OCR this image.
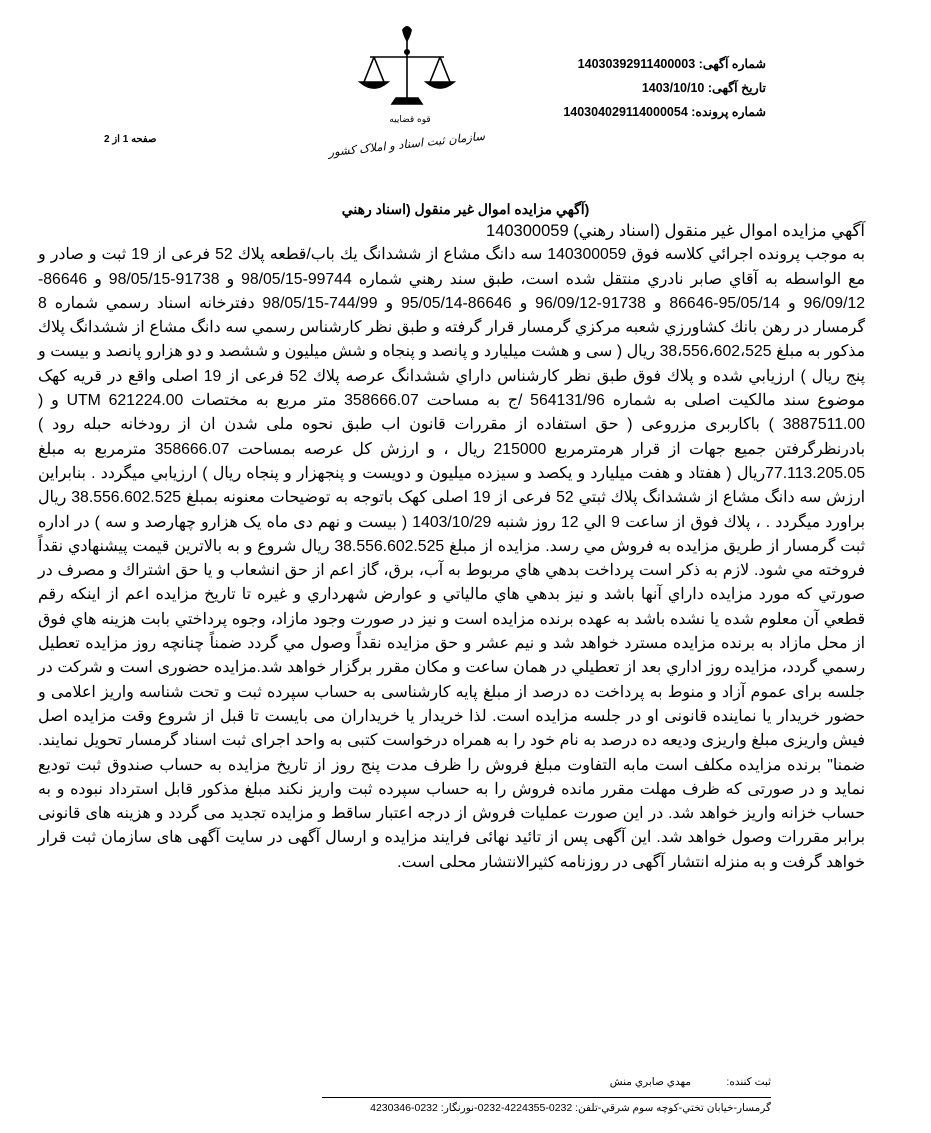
شماره آگهی: 14030392911400003
تاریخ آگهی: 1403/10/10
شماره پرونده: 140304029114000054
قوه قضاییه
سازمان ثبت اسناد و املاک کشور
صفحه 1 از 2
(آگهي مزايده اموال غير منقول (اسناد رهني
آگهي مزايده اموال غير منقول (اسناد رهني) 140300059
به موجب پرونده اجرائي كلاسه فوق 140300059 سه دانگ مشاع از ششدانگ يك باب/قطعه پلاك 52 فرعى از 19 ثبت و صادر و مع الواسطه به آقاي صابر نادري منتقل شده است، طبق سند رهني شماره 99744-98/05/15 و 91738-98/05/15 و 86646-96/09/12 و 95/05/14-86646 و 91738-96/09/12 و 86646-95/05/14 و 744/99-98/05/15 دفترخانه اسناد رسمي شماره 8 گرمسار در رهن بانك كشاورزي شعبه مركزي گرمسار قرار گرفته و طبق نظر كارشناس رسمي سه دانگ مشاع از ششدانگ پلاك مذكور به مبلغ 38،556،602،525 ريال ( سی و هشت ميليارد و پانصد و پنجاه و شش ميليون و ششصد و دو هزارو پانصد و بیست و پنج ريال ) ارزيابي شده و پلاك فوق طبق نظر كارشناس داراي ششدانگ عرصه پلاك 52 فرعی از 19 اصلی واقع در قریه کهک موضوع سند مالکیت اصلی به شماره 564131/96 /ج به مساحت 358666.07 متر مربع به مختصات UTM 621224.00 و ( 3887511.00 ) باکاربری مزروعی ( حق استفاده از مقررات قانون اب طبق نحوه ملی شدن ان از رودخانه حبله رود ) بادرنظرگرفتن جمیع جهات از قرار هرمترمربع 215000 ریال ، و ارزش کل عرصه بمساحت 358666.07 مترمربع به مبلغ 77.113.205.05ريال ( هفتاد و هفت ميليارد و يكصد و سيزده ميليون و دويست و پنجهزار و پنجاه ريال ) ارزيابي ميگردد . بنابراين ارزش سه دانگ مشاع از ششدانگ پلاك ثبتي 52 فرعی از 19 اصلی كهک باتوجه به توضيحات معنونه بمبلغ 38.556.602.525 ريال براورد ميگردد . ، پلاك فوق از ساعت 9 الي 12 روز شنبه 1403/10/29 ( بیست و نهم دی ماه یک هزارو چهارصد و سه ) در اداره ثبت گرمسار از طريق مزايده به فروش مي رسد. مزايده از مبلغ 38.556.602.525 ريال شروع و به بالاترين قيمت پيشنهادي نقداً فروخته مي شود. لازم به ذكر است پرداخت بدهي هاي مربوط به آب، برق، گاز اعم از حق انشعاب و يا حق اشتراك و مصرف در صورتي كه مورد مزايده داراي آنها باشد و نيز بدهي هاي مالياتي و عوارض شهرداري و غيره تا تاريخ مزايده اعم از اينكه رقم قطعي آن معلوم شده يا نشده باشد به عهده برنده مزايده است و نيز در صورت وجود مازاد، وجوه پرداختي بابت هزينه هاي فوق از محل مازاد به برنده مزايده مسترد خواهد شد و نيم عشر و حق مزايده نقداً وصول مي گردد ضمناً چنانچه روز مزايده تعطيل رسمي گردد، مزايده روز اداري بعد از تعطيلي در همان ساعت و مكان مقرر برگزار خواهد شد.مزايده حضوری است و شرکت در جلسه برای عموم آزاد و منوط به پرداخت ده درصد از مبلغ پایه کارشناسی به حساب سپرده ثبت و تحت شناسه واریز اعلامی و حضور خریدار یا نماینده قانونی او در جلسه مزایده است. لذا خریدار یا خریداران می بایست تا قبل از شروع وقت مزایده اصل فیش واریزی مبلغ واریزی ودیعه ده درصد به نام خود را به همراه درخواست کتبی به واحد اجرای ثبت اسناد گرمسار تحویل نمایند. ضمنا" برنده مزایده مکلف است مابه التفاوت مبلغ فروش را ظرف مدت پنج روز از تاریخ مزایده به حساب صندوق ثبت تودیع نماید و در صورتی که ظرف مهلت مقرر مانده فروش را به حساب سپرده ثبت واریز نکند مبلغ مذکور قابل استرداد نبوده و به حساب خزانه واریز خواهد شد. در این صورت عملیات فروش از درجه اعتبار ساقط و مزایده تجدید می گردد و هزینه های قانونی برابر مقررات وصول خواهد شد. این آگهی پس از تائید نهائی فرایند مزایده و ارسال آگهی در سایت آگهی های سازمان ثبت قرار خواهد گرفت و به منزله انتشار آگهی در روزنامه کثیرالانتشار محلی است.
ثبت كننده:
مهدي صابري منش
گرمسار-خيابان تختي-كوچه سوم شرقي-تلفن: 0232-4224355-0232-نورنگار: 0232-4230346
